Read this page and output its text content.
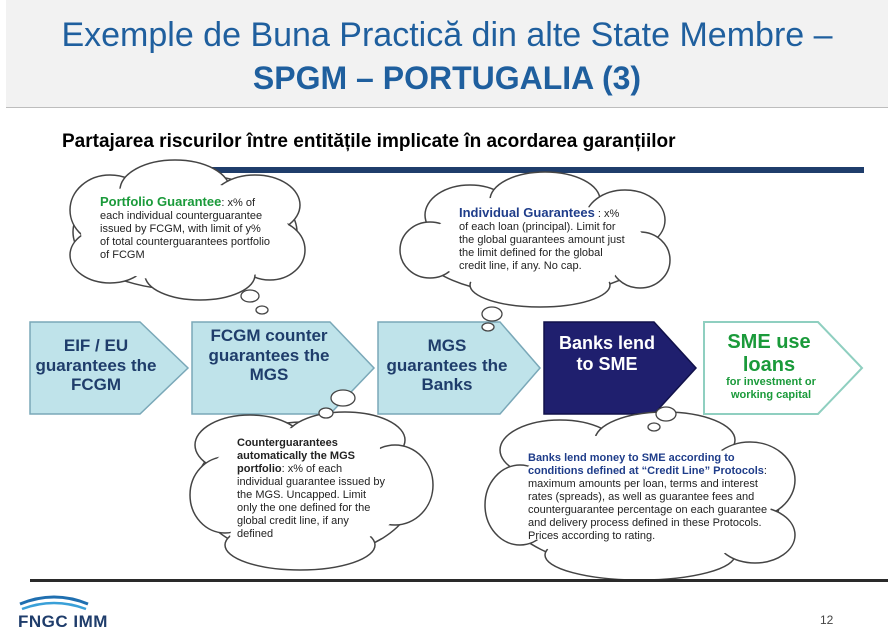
Exemple de Buna Practică din alte State Membre –
SPGM – PORTUGALIA (3)
Partajarea riscurilor între entitățile implicate în acordarea garanțiilor
EIF / EU guarantees the FCGM
FCGM counter guarantees the MGS
MGS guarantees the Banks
Banks lend to SME
SME use loans
for investment or working capital
Portfolio Guarantee: x% of each individual counterguarantee issued by FCGM, with limit of y% of total counterguarantees portfolio of FCGM
Individual Guarantees : x% of each loan (principal). Limit for the global guarantees amount just the limit defined for the global credit line, if any. No cap.
Counterguarantees automatically the MGS portfolio: x% of each individual guarantee issued by the MGS. Uncapped. Limit only the one defined for the global credit line, if any defined
Banks lend money to SME according to conditions defined at “Credit Line” Protocols: maximum amounts per loan, terms and interest rates (spreads), as well as guarantee fees and counterguarantee percentage on each guarantee and delivery process defined in these Protocols. Prices according to rating.
FNGC IMM	12
